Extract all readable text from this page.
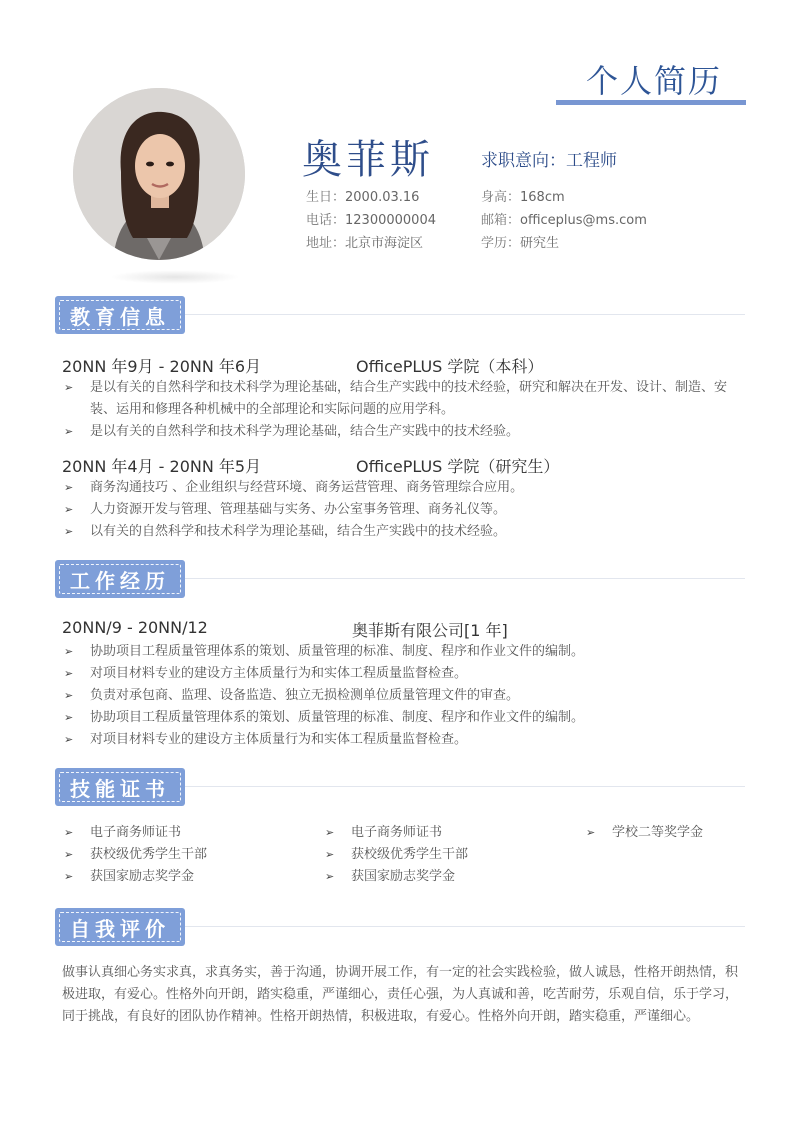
个人简历
奥菲斯	求职意向：工程师
生日：2000.03.16
电话：12300000004
地址：北京市海淀区
身高：168cm
邮箱：officeplus@ms.com
学历：研究生
教育信息
20NN 年9月 - 20NN 年6月	OfficePLUS 学院（本科）
➢ 是以有关的自然科学和技术科学为理论基础，结合生产实践中的技术经验，研究和解决在开发、设计、制造、安装、运用和修理各种机械中的全部理论和实际问题的应用学科。
➢ 是以有关的自然科学和技术科学为理论基础，结合生产实践中的技术经验。
20NN 年4月 - 20NN 年5月	OfficePLUS 学院（研究生）
➢ 商务沟通技巧 、企业组织与经营环境、商务运营管理、商务管理综合应用。
➢ 人力资源开发与管理、管理基础与实务、办公室事务管理、商务礼仪等。
➢ 以有关的自然科学和技术科学为理论基础，结合生产实践中的技术经验。
工作经历
20NN/9 - 20NN/12	奥菲斯有限公司[1 年]
➢ 协助项目工程质量管理体系的策划、质量管理的标准、制度、程序和作业文件的编制。
➢ 对项目材料专业的建设方主体质量行为和实体工程质量监督检查。
➢ 负责对承包商、监理、设备监造、独立无损检测单位质量管理文件的审查。
➢ 协助项目工程质量管理体系的策划、质量管理的标准、制度、程序和作业文件的编制。
➢ 对项目材料专业的建设方主体质量行为和实体工程质量监督检查。
技能证书
➢ 电子商务师证书
➢ 获校级优秀学生干部
➢ 获国家励志奖学金
➢ 电子商务师证书
➢ 获校级优秀学生干部
➢ 获国家励志奖学金
➢ 学校二等奖学金
自我评价
做事认真细心务实求真，求真务实，善于沟通，协调开展工作，有一定的社会实践检验，做人诚恳，性格开朗热情，积极进取，有爱心。性格外向开朗，踏实稳重，严谨细心，责任心强，为人真诚和善，吃苦耐劳，乐观自信，乐于学习，同于挑战，有良好的团队协作精神。性格开朗热情，积极进取，有爱心。性格外向开朗，踏实稳重，严谨细心。
